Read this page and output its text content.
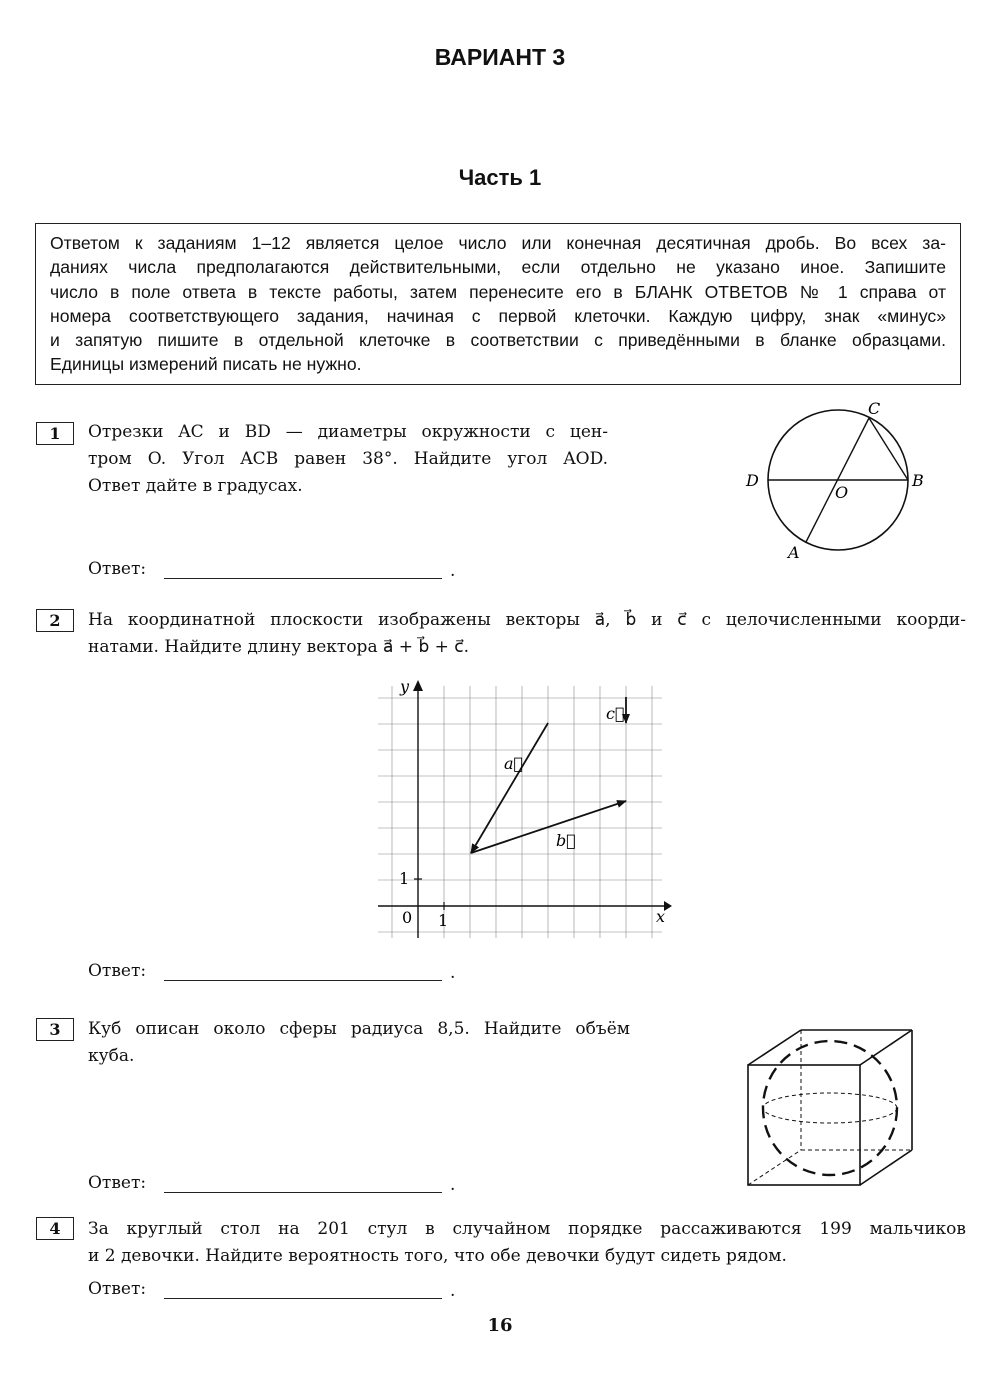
ВАРИАНТ 3
Часть 1
Ответом к заданиям 1–12 является целое число или конечная десятичная дробь. Во всех за-
даниях числа предполагаются действительными, если отдельно не указано иное. Запишите
число в поле ответа в тексте работы, затем перенесите его в БЛАНК ОТВЕТОВ № 1 справа от
номера соответствующего задания, начиная с первой клеточки. Каждую цифру, знак «минус»
и запятую пишите в отдельной клеточке в соответствии с приведёнными в бланке образцами.
Единицы измерений писать не нужно.
1	Отрезки AC и BD — диаметры окружности с цен-
тром O. Угол ACB равен 38°. Найдите угол AOD.
Ответ дайте в градусах.
C
D
O
B
A
Ответ:	.
2	На координатной плоскости изображены векторы a⃗, b⃗ и c⃗ с целочисленными коорди-
натами. Найдите длину вектора a⃗ + b⃗ + c⃗.
y
x
0 1
1
a⃗
b⃗
c⃗
Ответ:	.
3	Куб описан около сферы радиуса 8,5. Найдите объём
куба.
Ответ:	.
4	За круглый стол на 201 стул в случайном порядке рассаживаются 199 мальчиков
и 2 девочки. Найдите вероятность того, что обе девочки будут сидеть рядом.
Ответ:	.
16
